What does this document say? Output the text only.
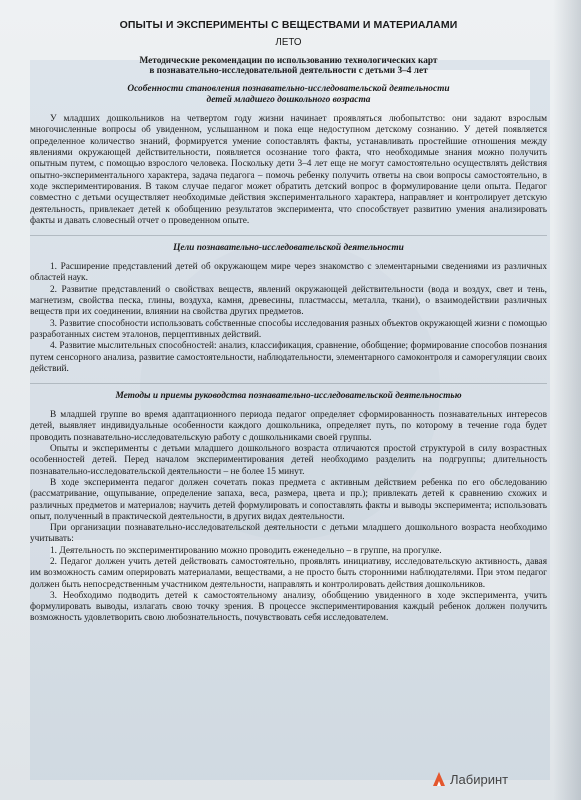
ОПЫТЫ И ЭКСПЕРИМЕНТЫ С ВЕЩЕСТВАМИ И МАТЕРИАЛАМИ
ЛЕТО
Методические рекомендации по использованию технологических карт
в познавательно-исследовательной деятельности с детьми 3–4 лет
Особенности становления познавательно-исследовательской деятельности
детей младшего дошкольного возраста

У младших дошкольников на четвертом году жизни начинает проявляться любопытство: они задают взрослым многочисленные вопросы об увиденном, услышанном и пока еще недоступном детскому сознанию. У детей появляется определенное количество знаний, формируется умение сопоставлять факты, устанавливать простейшие отношения между явлениями окружающей действительности, появляется осознание того факта, что необходимые знания можно получить опытным путем, с помощью взрослого человека. Поскольку дети 3–4 лет еще не могут самостоятельно осуществлять действия опытно-экспериментального характера, задача педагога – помочь ребенку получить ответы на свои вопросы самостоятельно, в ходе экспериментирования. В таком случае педагог может обратить детский вопрос в формулирование цели опыта. Педагог совместно с детьми осуществляет необходимые действия экспериментального характера, направляет и контролирует детскую деятельность, привлекает детей к обобщению результатов эксперимента, что способствует развитию умения анализировать факты и давать словесный отчет о проведенном опыте.

Цели познавательно-исследовательской деятельности

1. Расширение представлений детей об окружающем мире через знакомство с элементарными сведениями из различных областей наук.

2. Развитие представлений о свойствах веществ, явлений окружающей действительности (вода и воздух, свет и тень, магнетизм, свойства песка, глины, воздуха, камня, древесины, пластмассы, металла, ткани), о взаимодействии различных веществ при их соединении, влиянии на свойства других предметов.

3. Развитие способности использовать собственные способы исследования разных объектов окружающей жизни с помощью разработанных систем эталонов, перцептивных действий.

4. Развитие мыслительных способностей: анализ, классификация, сравнение, обобщение; формирование способов познания путем сенсорного анализа, развитие самостоятельности, наблюдательности, элементарного самоконтроля и саморегуляции своих действий.

Методы и приемы руководства познавательно-исследовательской деятельностью

В младшей группе во время адаптационного периода педагог определяет сформированность познавательных интересов детей, выявляет индивидуальные особенности каждого дошкольника, определяет путь, по которому в течение года будет проводить познавательно-исследовательскую работу с дошкольниками своей группы.

Опыты и эксперименты с детьми младшего дошкольного возраста отличаются простой структурой в силу возрастных особенностей детей. Перед началом экспериментирования детей необходимо разделить на подгруппы; длительность познавательно-исследовательской деятельности – не более 15 минут.

В ходе эксперимента педагог должен сочетать показ предмета с активным действием ребенка по его обследованию (рассматривание, ощупывание, определение запаха, веса, размера, цвета и пр.); привлекать детей к сравнению схожих и различных предметов и материалов; научить детей формулировать и сопоставлять факты и выводы эксперимента; использовать опыт, полученный в практической деятельности, в других видах деятельности.

При организации познавательно-исследовательской деятельности с детьми младшего дошкольного возраста необходимо учитывать:

1. Деятельность по экспериментированию можно проводить еженедельно – в группе, на прогулке.

2. Педагог должен учить детей действовать самостоятельно, проявлять инициативу, исследовательскую активность, давая им возможность самим оперировать материалами, веществами, а не просто быть сторонними наблюдателями. При этом педагог должен быть непосредственным участником деятельности, направлять и контролировать действия дошкольников.

3. Необходимо подводить детей к самостоятельному анализу, обобщению увиденного в ходе эксперимента, учить формулировать выводы, излагать свою точку зрения. В процессе экспериментирования каждый ребенок должен получить возможность удовлетворить свою любознательность, почувствовать себя исследователем.

Лабиринт
